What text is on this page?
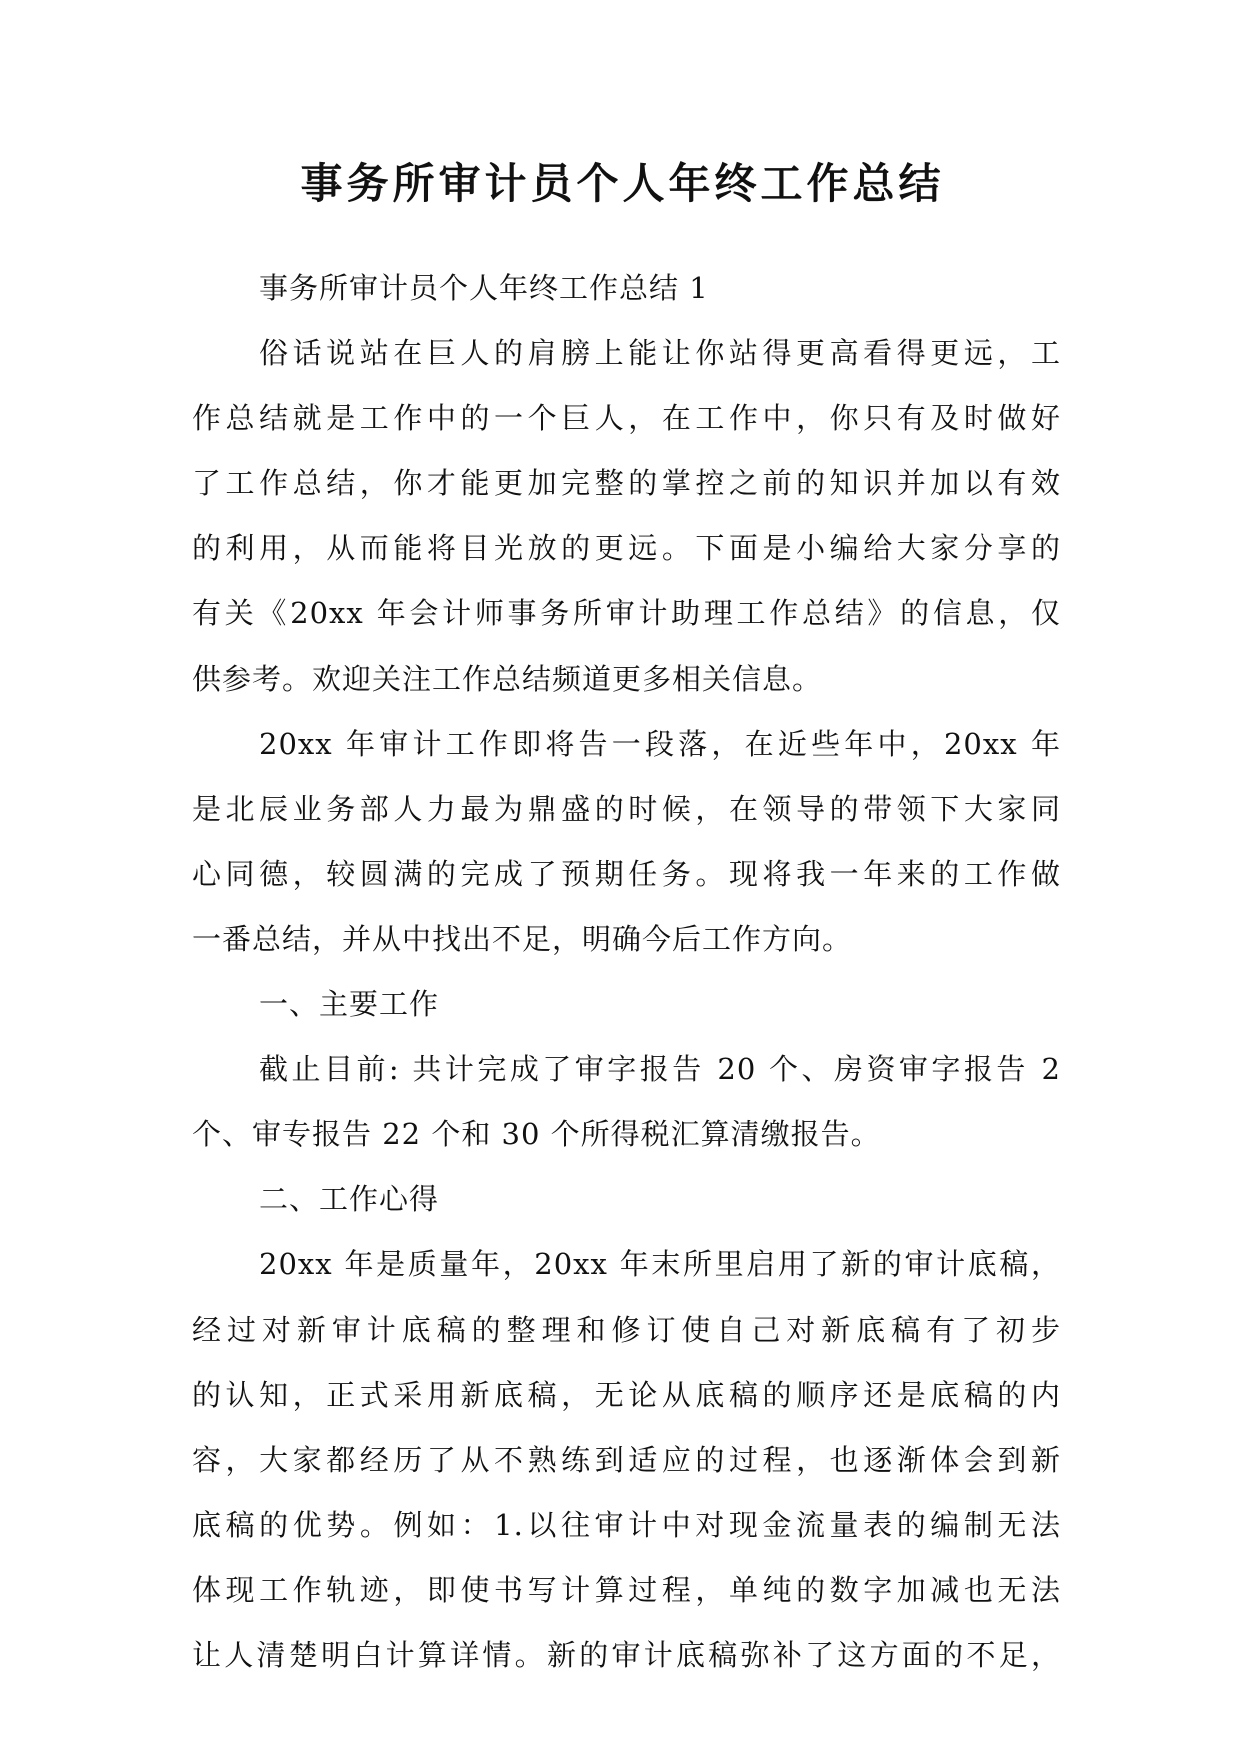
事务所审计员个人年终工作总结
事务所审计员个人年终工作总结 1
俗话说站在巨人的肩膀上能让你站得更高看得更远，工
作总结就是工作中的一个巨人，在工作中，你只有及时做好
了工作总结，你才能更加完整的掌控之前的知识并加以有效
的利用，从而能将目光放的更远。下面是小编给大家分享的
有关《20xx 年会计师事务所审计助理工作总结》的信息，仅
供参考。欢迎关注工作总结频道更多相关信息。
20xx 年审计工作即将告一段落，在近些年中，20xx 年
是北辰业务部人力最为鼎盛的时候，在领导的带领下大家同
心同德，较圆满的完成了预期任务。现将我一年来的工作做
一番总结，并从中找出不足，明确今后工作方向。
一、主要工作
截止目前: 共计完成了审字报告 20 个、房资审字报告 2
个、审专报告 22 个和 30 个所得税汇算清缴报告。
二、工作心得
20xx 年是质量年，20xx 年末所里启用了新的审计底稿，
经过对新审计底稿的整理和修订使自己对新底稿有了初步
的认知，正式采用新底稿，无论从底稿的顺序还是底稿的内
容，大家都经历了从不熟练到适应的过程，也逐渐体会到新
底稿的优势。例如：1.以往审计中对现金流量表的编制无法
体现工作轨迹，即使书写计算过程，单纯的数字加减也无法
让人清楚明白计算详情。新的审计底稿弥补了这方面的不足，
